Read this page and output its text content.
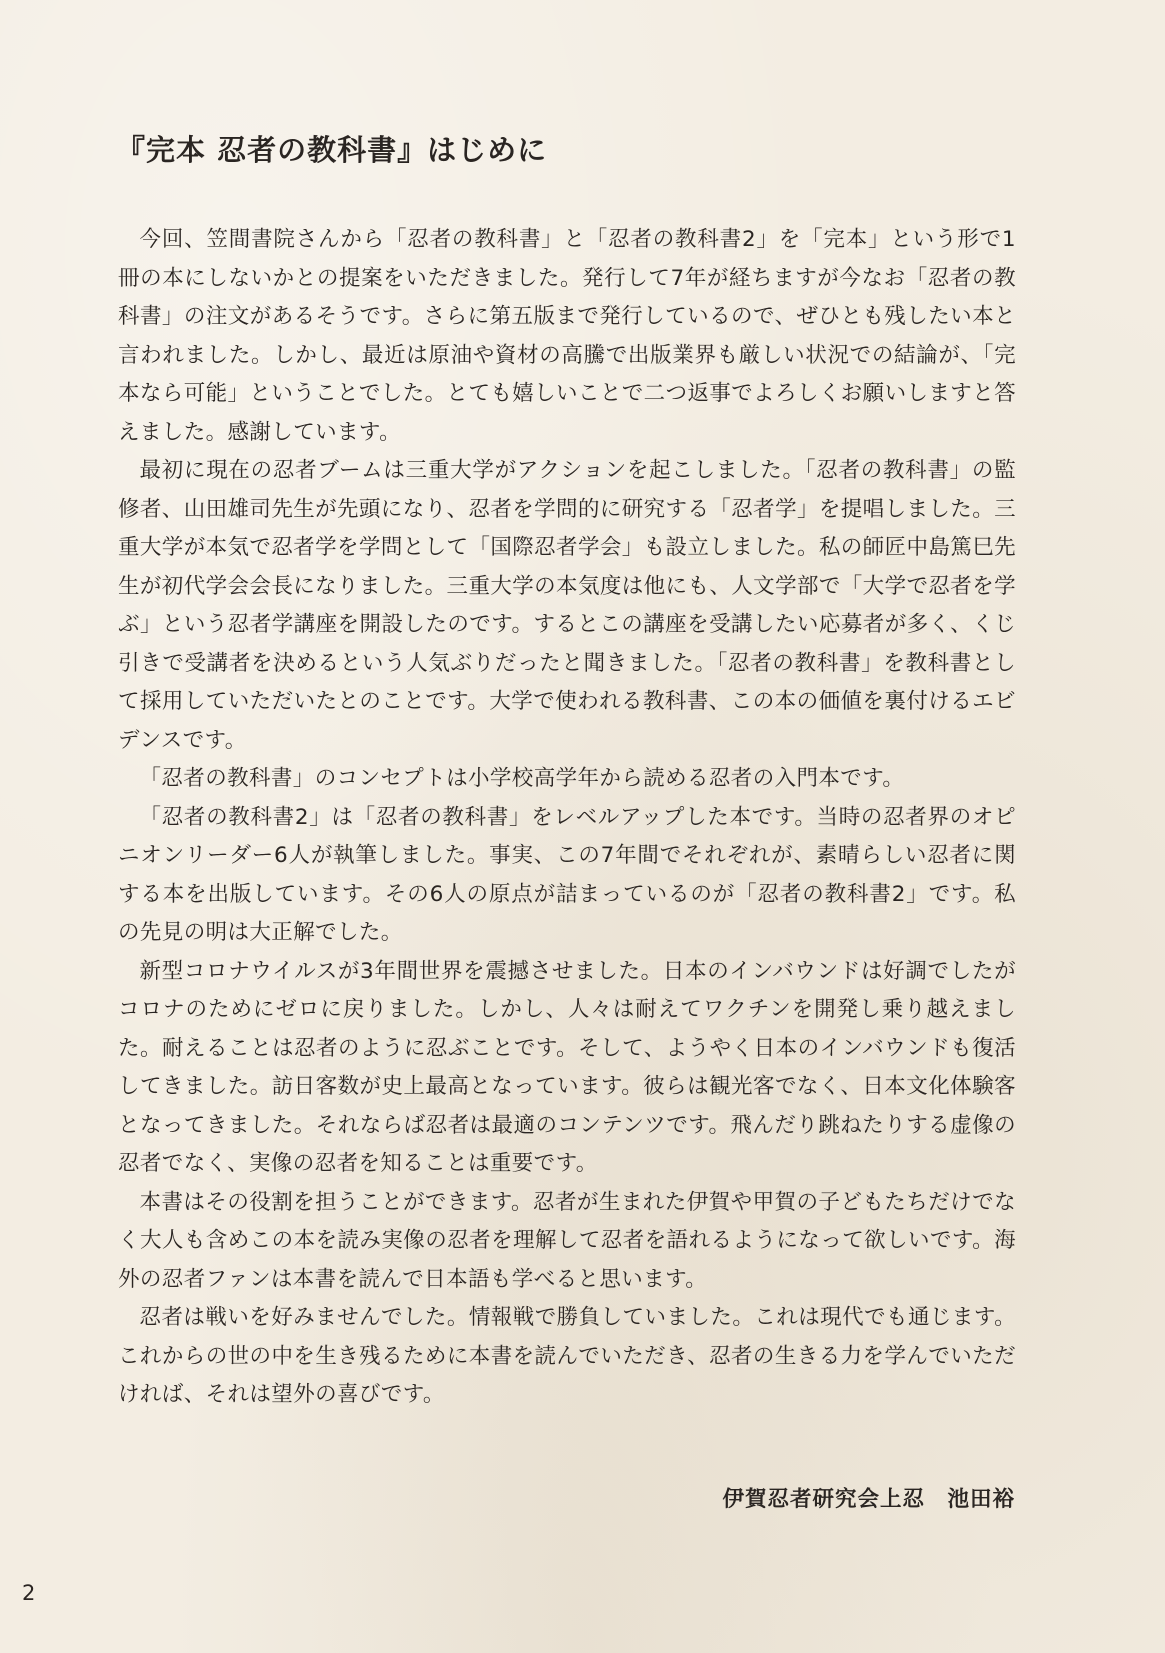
『完本 忍者の教科書』はじめに

今回、笠間書院さんから「忍者の教科書」と「忍者の教科書2」を「完本」という形で1冊の本にしないかとの提案をいただきました。発行して7年が経ちますが今なお「忍者の教科書」の注文があるそうです。さらに第五版まで発行しているので、ぜひとも残したい本と言われました。しかし、最近は原油や資材の高騰で出版業界も厳しい状況での結論が、「完本なら可能」ということでした。とても嬉しいことで二つ返事でよろしくお願いしますと答えました。感謝しています。

最初に現在の忍者ブームは三重大学がアクションを起こしました。「忍者の教科書」の監修者、山田雄司先生が先頭になり、忍者を学問的に研究する「忍者学」を提唱しました。三重大学が本気で忍者学を学問として「国際忍者学会」も設立しました。私の師匠中島篤巳先生が初代学会会長になりました。三重大学の本気度は他にも、人文学部で「大学で忍者を学ぶ」という忍者学講座を開設したのです。するとこの講座を受講したい応募者が多く、くじ引きで受講者を決めるという人気ぶりだったと聞きました。「忍者の教科書」を教科書として採用していただいたとのことです。大学で使われる教科書、この本の価値を裏付けるエビデンスです。

「忍者の教科書」のコンセプトは小学校高学年から読める忍者の入門本です。

「忍者の教科書2」は「忍者の教科書」をレベルアップした本です。当時の忍者界のオピニオンリーダー6人が執筆しました。事実、この7年間でそれぞれが、素晴らしい忍者に関する本を出版しています。その6人の原点が詰まっているのが「忍者の教科書2」です。私の先見の明は大正解でした。

新型コロナウイルスが3年間世界を震撼させました。日本のインバウンドは好調でしたがコロナのためにゼロに戻りました。しかし、人々は耐えてワクチンを開発し乗り越えました。耐えることは忍者のように忍ぶことです。そして、ようやく日本のインバウンドも復活してきました。訪日客数が史上最高となっています。彼らは観光客でなく、日本文化体験客となってきました。それならば忍者は最適のコンテンツです。飛んだり跳ねたりする虚像の忍者でなく、実像の忍者を知ることは重要です。

本書はその役割を担うことができます。忍者が生まれた伊賀や甲賀の子どもたちだけでなく大人も含めこの本を読み実像の忍者を理解して忍者を語れるようになって欲しいです。海外の忍者ファンは本書を読んで日本語も学べると思います。

忍者は戦いを好みませんでした。情報戦で勝負していました。これは現代でも通じます。これからの世の中を生き残るために本書を読んでいただき、忍者の生きる力を学んでいただければ、それは望外の喜びです。

伊賀忍者研究会上忍　池田裕

2
